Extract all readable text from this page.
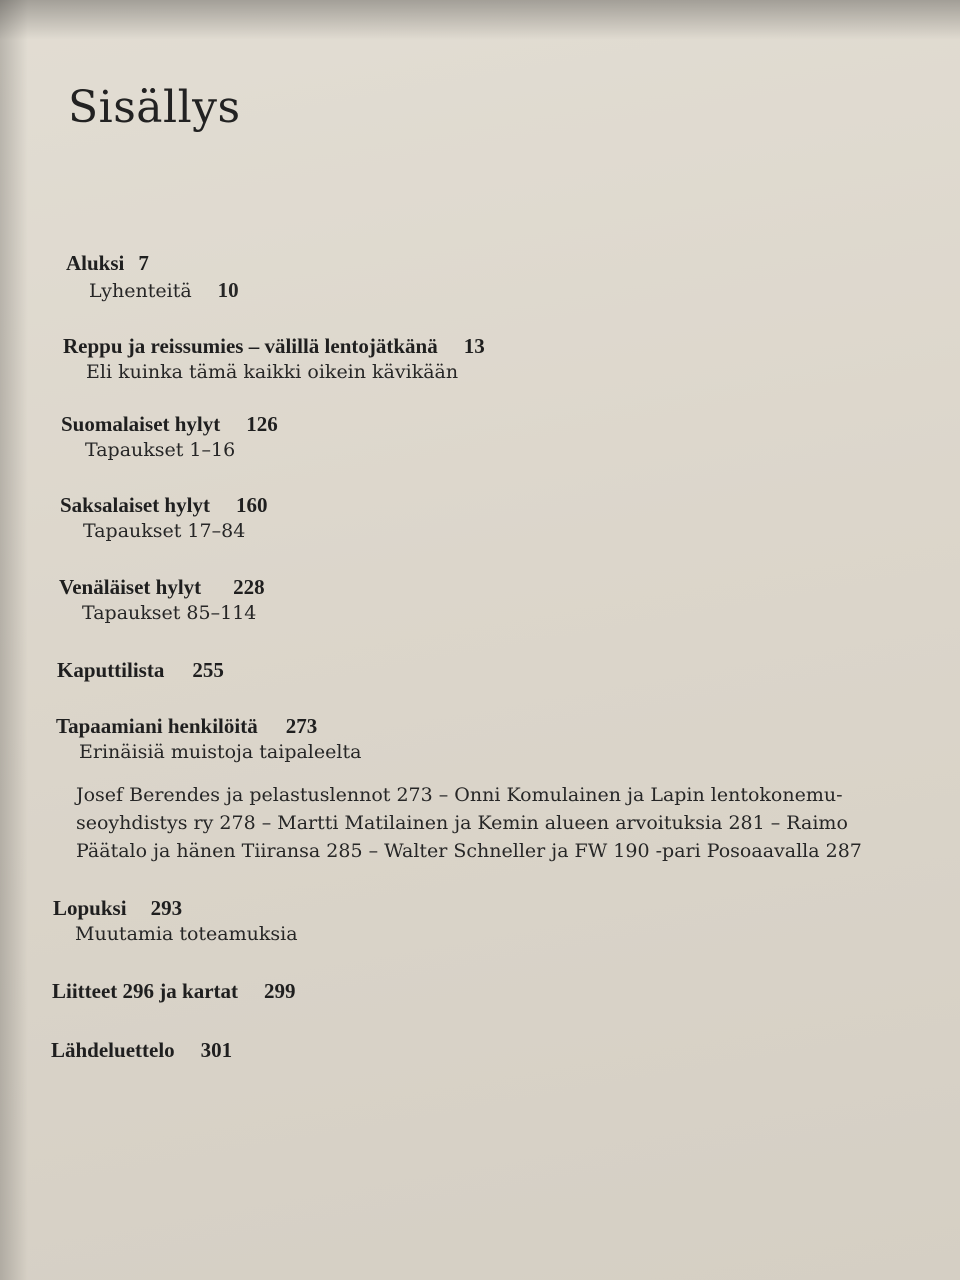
Sisällys
Aluksi 7
Lyhenteitä 10
Reppu ja reissumies – välillä lentojätkänä 13
Eli kuinka tämä kaikki oikein kävikään
Suomalaiset hylyt 126
Tapaukset 1–16
Saksalaiset hylyt 160
Tapaukset 17–84
Venäläiset hylyt 228
Tapaukset 85–114
Kaputtilista 255
Tapaamiani henkilöitä 273
Erinäisiä muistoja taipaleelta
Josef Berendes ja pelastuslennot 273 – Onni Komulainen ja Lapin lentokonemu-
seoyhdistys ry 278 – Martti Matilainen ja Kemin alueen arvoituksia 281 – Raimo
Päätalo ja hänen Tiiransa 285 – Walter Schneller ja FW 190 -pari Posoaavalla 287
Lopuksi 293
Muutamia toteamuksia
Liitteet 296 ja kartat 299
Lähdeluettelo 301
